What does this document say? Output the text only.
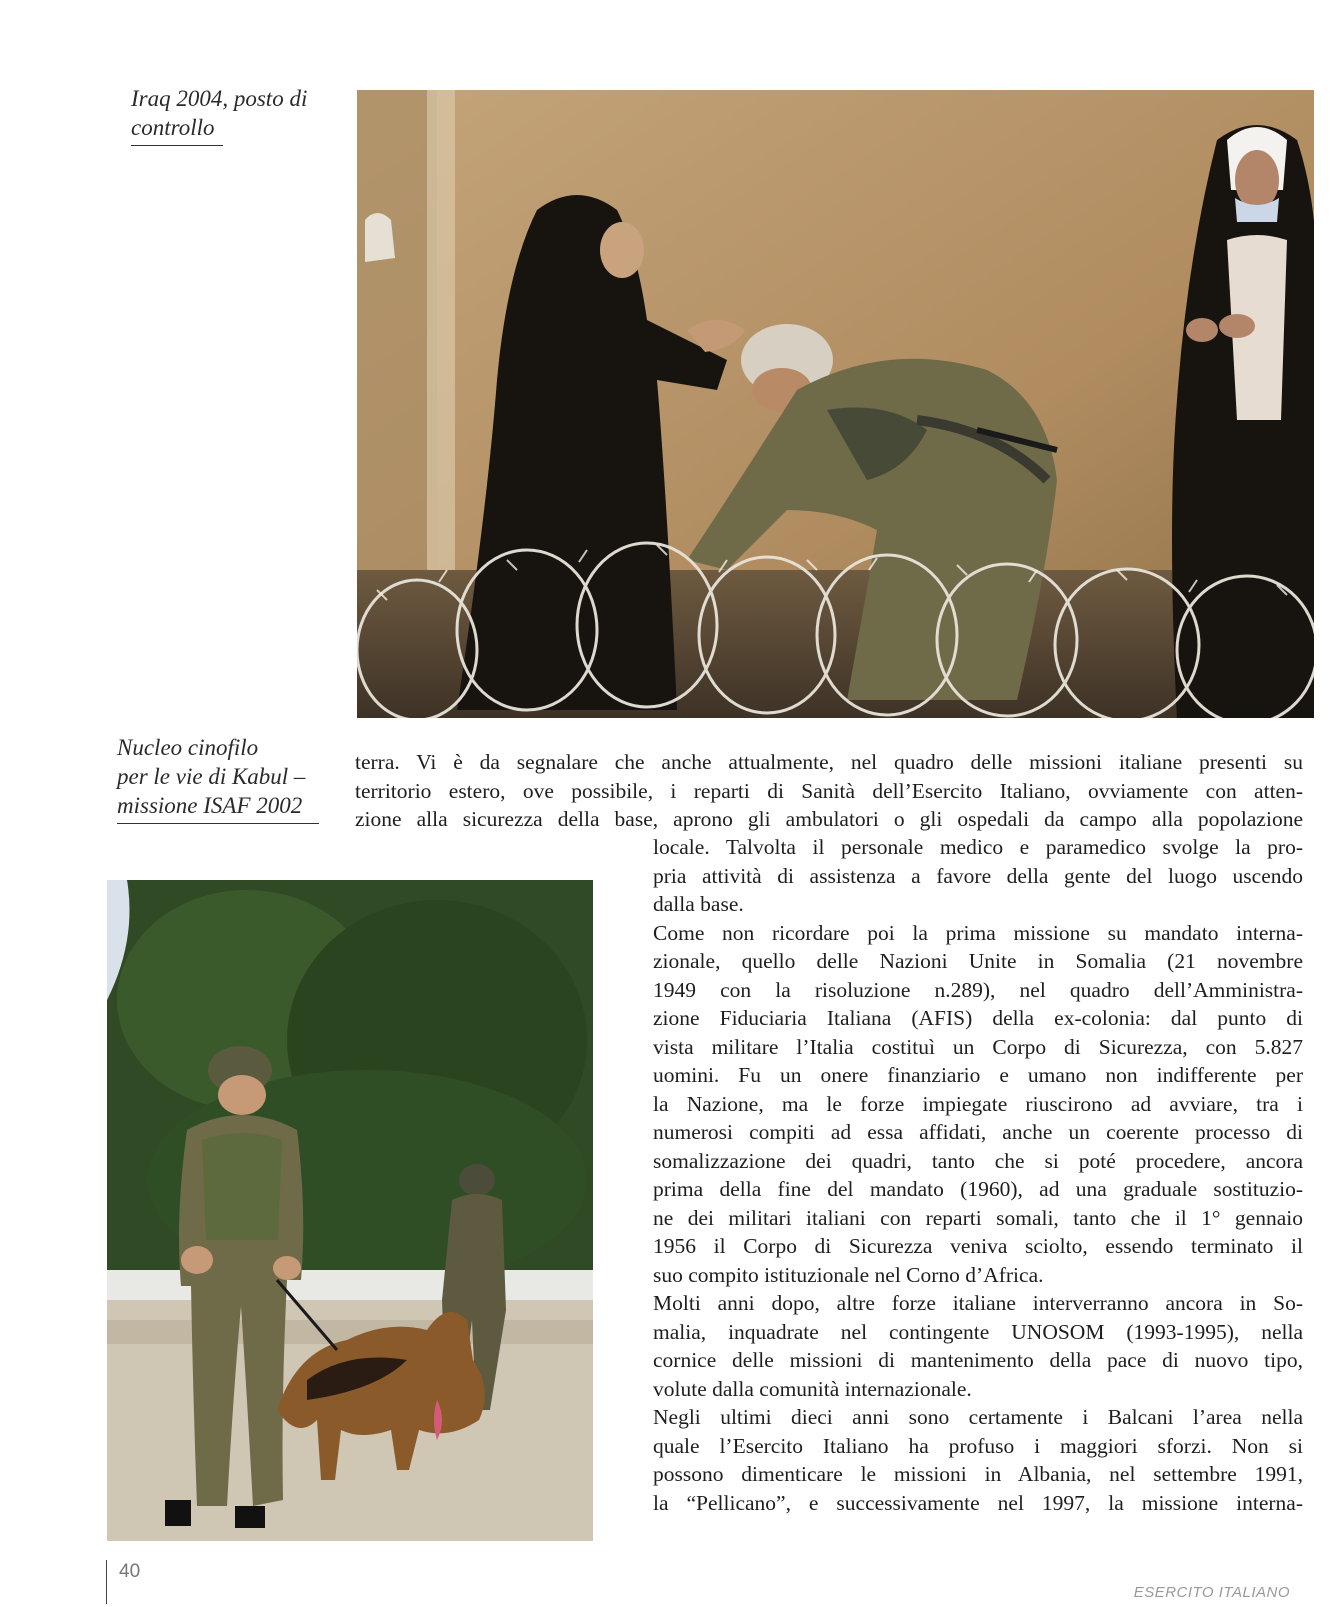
Iraq 2004, posto di
controllo
Nucleo cinofilo
per le vie di Kabul –
missione ISAF 2002
terra. Vi è da segnalare che anche attualmente, nel quadro delle missioni italiane presenti su
territorio estero, ove possibile, i reparti di Sanità dell’Esercito Italiano, ovviamente con atten-
zione alla sicurezza della base, aprono gli ambulatori o gli ospedali da campo alla popolazione
locale. Talvolta il personale medico e paramedico svolge la pro-
pria attività di assistenza a favore della gente del luogo uscendo
dalla base.
Come non ricordare poi la prima missione su mandato interna-
zionale, quello delle Nazioni Unite in Somalia (21 novembre
1949 con la risoluzione n.289), nel quadro dell’Amministra-
zione Fiduciaria Italiana (AFIS) della ex-colonia: dal punto di
vista militare l’Italia costituì un Corpo di Sicurezza, con 5.827
uomini. Fu un onere finanziario e umano non indifferente per
la Nazione, ma le forze impiegate riuscirono ad avviare, tra i
numerosi compiti ad essa affidati, anche un coerente processo di
somalizzazione dei quadri, tanto che si poté procedere, ancora
prima della fine del mandato (1960), ad una graduale sostituzio-
ne dei militari italiani con reparti somali, tanto che il 1° gennaio
1956 il Corpo di Sicurezza veniva sciolto, essendo terminato il
suo compito istituzionale nel Corno d’Africa.
Molti anni dopo, altre forze italiane interverranno ancora in So-
malia, inquadrate nel contingente UNOSOM (1993-1995), nella
cornice delle missioni di mantenimento della pace di nuovo tipo,
volute dalla comunità internazionale.
Negli ultimi dieci anni sono certamente i Balcani l’area nella
quale l’Esercito Italiano ha profuso i maggiori sforzi. Non si
possono dimenticare le missioni in Albania, nel settembre 1991,
la “Pellicano”, e successivamente nel 1997, la missione interna-
40
ESERCITO ITALIANO
